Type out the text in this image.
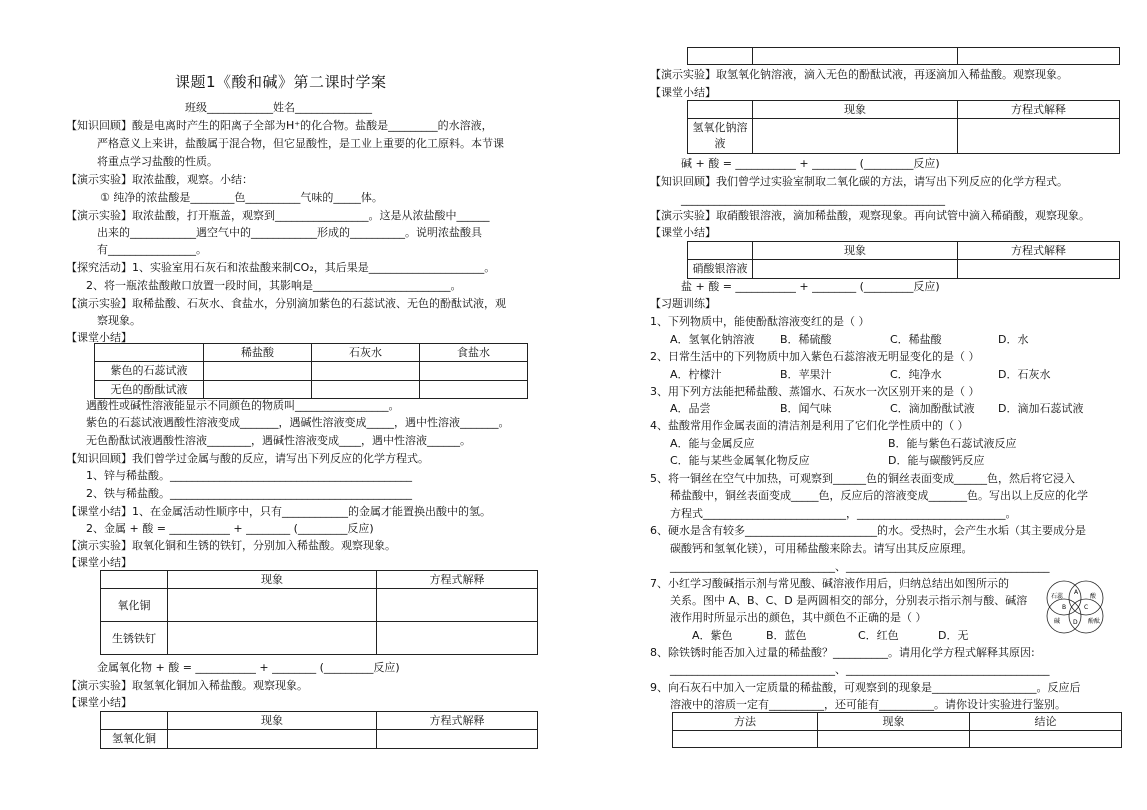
课题1《酸和碱》第二课时学案
班级____________姓名______________
【知识回顾】酸是电离时产生的阳离子全部为H⁺的化合物。盐酸是_________的水溶液，
严格意义上来讲，盐酸属于混合物，但它显酸性，是工业上重要的化工原料。本节课
将重点学习盐酸的性质。
【演示实验】取浓盐酸，观察。小结：
① 纯净的浓盐酸是________色__________气味的_____体。
【演示实验】取浓盐酸，打开瓶盖，观察到_________________。这是从浓盐酸中______
出来的____________遇空气中的____________形成的__________。说明浓盐酸具
有________________。
【探究活动】1、实验室用石灰石和浓盐酸来制CO₂，其后果是_____________________。
2、将一瓶浓盐酸敞口放置一段时间，其影响是_________________________。
【演示实验】取稀盐酸、石灰水、食盐水，分别滴加紫色的石蕊试液、无色的酚酞试液，观
察现象。
【课堂小结】
	稀盐酸	石灰水	食盐水
紫色的石蕊试液			
无色的酚酞试液			
遇酸性或碱性溶液能显示不同颜色的物质叫_________________。
紫色的石蕊试液遇酸性溶液变成_______，遇碱性溶液变成_____，遇中性溶液_______。
无色酚酞试液遇酸性溶液________，遇碱性溶液变成____，遇中性溶液______。
【知识回顾】我们曾学过金属与酸的反应，请写出下列反应的化学方程式。
1、锌与稀盐酸。____________________________________________
2、铁与稀盐酸。____________________________________________
【课堂小结】1、在金属活动性顺序中，只有____________的金属才能置换出酸中的氢。
2、金属 + 酸 = ___________ + ________ (_________反应)
【演示实验】取氧化铜和生锈的铁钉，分别加入稀盐酸。观察现象。
【课堂小结】
	现象	方程式解释
氧化铜		
生锈铁钉		
金属氧化物 + 酸 = ___________ + ________ (_________反应)
【演示实验】取氢氧化铜加入稀盐酸。观察现象。
【课堂小结】
	现象	方程式解释
氢氧化铜		

【演示实验】取氢氧化钠溶液，滴入无色的酚酞试液，再逐滴加入稀盐酸。观察现象。
【课堂小结】
	现象	方程式解释
氢氧化钠溶液		
碱 + 酸 = ___________ + ________ (_________反应)
【知识回顾】我们曾学过实验室制取二氧化碳的方法，请写出下列反应的化学方程式。
________________________________________________
【演示实验】取硝酸银溶液，滴加稀盐酸，观察现象。再向试管中滴入稀硝酸，观察现象。
【课堂小结】
	现象	方程式解释
硝酸银溶液		
盐 + 酸 = ___________ + ________ (_________反应)
【习题训练】
1、下列物质中，能使酚酞溶液变红的是（ ）
A．氢氧化钠溶液 B．稀硫酸	C．稀盐酸	D．水
2、日常生活中的下列物质中加入紫色石蕊溶液无明显变化的是（ ）
A．柠檬汁	B．苹果汁	C．纯净水	D．石灰水
3、用下列方法能把稀盐酸、蒸馏水、石灰水一次区别开来的是（ ）
A．品尝	B．闻气味	C．滴加酚酞试液 D．滴加石蕊试液
4、盐酸常用作金属表面的清洁剂是利用了它们化学性质中的（ ）
A．能与金属反应	B．能与紫色石蕊试液反应
C．能与某些金属氧化物反应	D．能与碳酸钙反应
5、将一铜丝在空气中加热，可观察到______色的铜丝表面变成______色，然后将它浸入
稀盐酸中，铜丝表面变成_____色，反应后的溶液变成_______色。写出以上反应的化学
方程式__________________________，___________________________。
6、硬水是含有较多________________________的水。受热时，会产生水垢（其主要成分是
碳酸钙和氢氧化镁），可用稀盐酸来除去。请写出其反应原理。
______________________________、_____________________________________
7、小红学习酸碱指示剂与常见酸、碱溶液作用后，归纳总结出如图所示的
关系。图中 A、B、C、D 是两圆相交的部分，分别表示指示剂与酸、碱溶
液作用时所显示出的颜色，其中颜色不正确的是（ ）
A．紫色	B．蓝色	C．红色	D．无
石蕊	酸
碱	酚酞
A
B	C
D
8、除铁锈时能否加入过量的稀盐酸？__________。请用化学方程式解释其原因:
______________________________、_____________________________________
9、向石灰石中加入一定质量的稀盐酸，可观察到的现象是___________________。反应后
溶液中的溶质一定有__________，还可能有__________。请你设计实验进行鉴别。
方法	现象	结论
